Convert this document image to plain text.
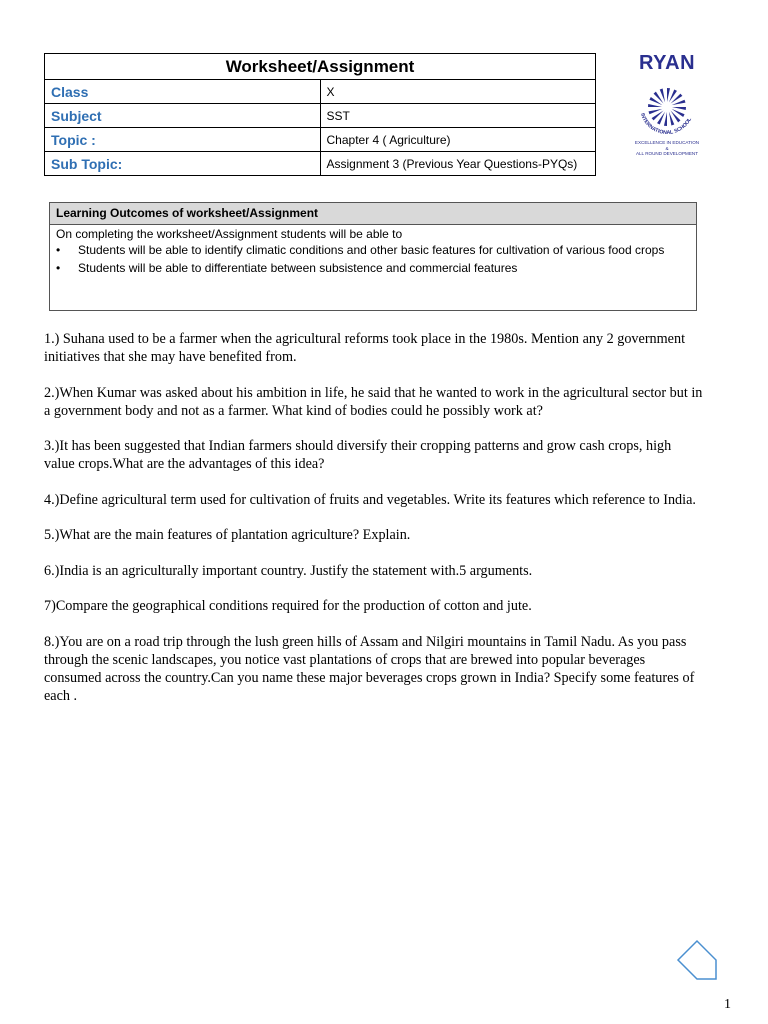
Worksheet/Assignment	
Class	X
Subject	SST
Topic :	Chapter 4 ( Agriculture)
Sub Topic:	Assignment 3 (Previous Year Questions-PYQs)
RYAN
INTERNATIONAL SCHOOL
EXCELLENCE IN EDUCATION
&
ALL ROUND DEVELOPMENT
Learning Outcomes of worksheet/Assignment
On completing the worksheet/Assignment students will be able to
• Students will be able to identify climatic conditions and other basic features for cultivation of various food crops
• Students will be able to differentiate between subsistence and commercial features

1.) Suhana used to be a farmer when the agricultural reforms took place in the 1980s. Mention any 2 government initiatives that she may have benefited from.

2.)When Kumar was asked about his ambition in life, he said that he wanted to work in the agricultural sector but in a government body and not as a farmer. What kind of bodies could he possibly work at?

3.)It has been suggested that Indian farmers should diversify their cropping patterns and grow cash crops, high value crops.What are the advantages of this idea?

4.)Define agricultural term used for cultivation of fruits and vegetables. Write its features which reference to India.

5.)What are the main features of plantation agriculture? Explain.

6.)India is an agriculturally important country. Justify the statement with.5 arguments.

7)Compare the geographical conditions required for the production of cotton and jute.

8.)You are on a road trip through the lush green hills of Assam and Nilgiri mountains in Tamil Nadu. As you pass through the scenic landscapes, you notice vast plantations of crops that are brewed into popular beverages consumed across the country.Can you name these major beverages crops grown in India? Specify some features of each .

1
